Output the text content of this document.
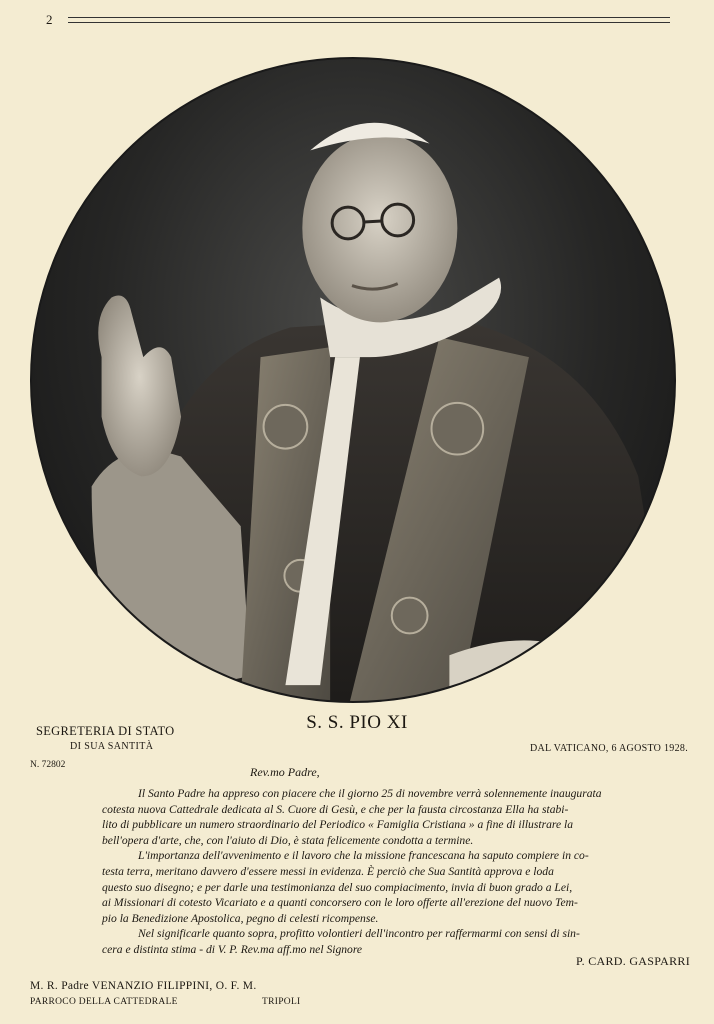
2
S. S. PIO XI
SEGRETERIA DI STATO
DI SUA SANTITÀ
N. 72802
DAL VATICANO, 6 AGOSTO 1928.
Rev.mo Padre,
Il Santo Padre ha appreso con piacere che il giorno 25 di novembre verrà solennemente inaugurata
cotesta nuova Cattedrale dedicata al S. Cuore di Gesù, e che per la fausta circostanza Ella ha stabi-
lito di pubblicare un numero straordinario del Periodico « Famiglia Cristiana » a fine di illustrare la
bell'opera d'arte, che, con l'aiuto di Dio, è stata felicemente condotta a termine.
L'importanza dell'avvenimento e il lavoro che la missione francescana ha saputo compiere in co-
testa terra, meritano davvero d'essere messi in evidenza. È perciò che Sua Santità approva e loda
questo suo disegno; e per darle una testimonianza del suo compiacimento, invia di buon grado a Lei,
ai Missionari di cotesto Vicariato e a quanti concorsero con le loro offerte all'erezione del nuovo Tem-
pio la Benedizione Apostolica, pegno di celesti ricompense.
Nel significarle quanto sopra, profitto volontieri dell'incontro per raffermarmi con sensi di sin-
cera e distinta stima - di V. P. Rev.ma aff.mo nel Signore
P. CARD. GASPARRI
M. R. Padre VENANZIO FILIPPINI, O. F. M.
PARROCO DELLA CATTEDRALE	TRIPOLI
